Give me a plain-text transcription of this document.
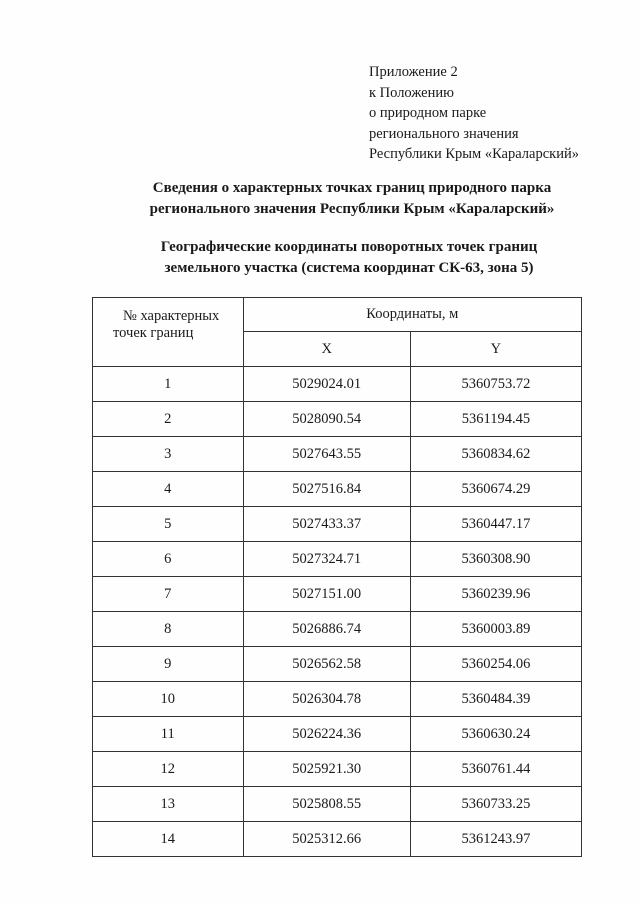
Приложение 2
к Положению
о природном парке
регионального значения
Республики Крым «Караларский»
Сведения о характерных точках границ природного парка
регионального значения Республики Крым «Караларский»
Географические координаты поворотных точек границ
земельного участка (система координат СК-63, зона 5)
№ характерных
точек границ	Координаты, м	
	X	Y
1	5029024.01	5360753.72
2	5028090.54	5361194.45
3	5027643.55	5360834.62
4	5027516.84	5360674.29
5	5027433.37	5360447.17
6	5027324.71	5360308.90
7	5027151.00	5360239.96
8	5026886.74	5360003.89
9	5026562.58	5360254.06
10	5026304.78	5360484.39
11	5026224.36	5360630.24
12	5025921.30	5360761.44
13	5025808.55	5360733.25
14	5025312.66	5361243.97
